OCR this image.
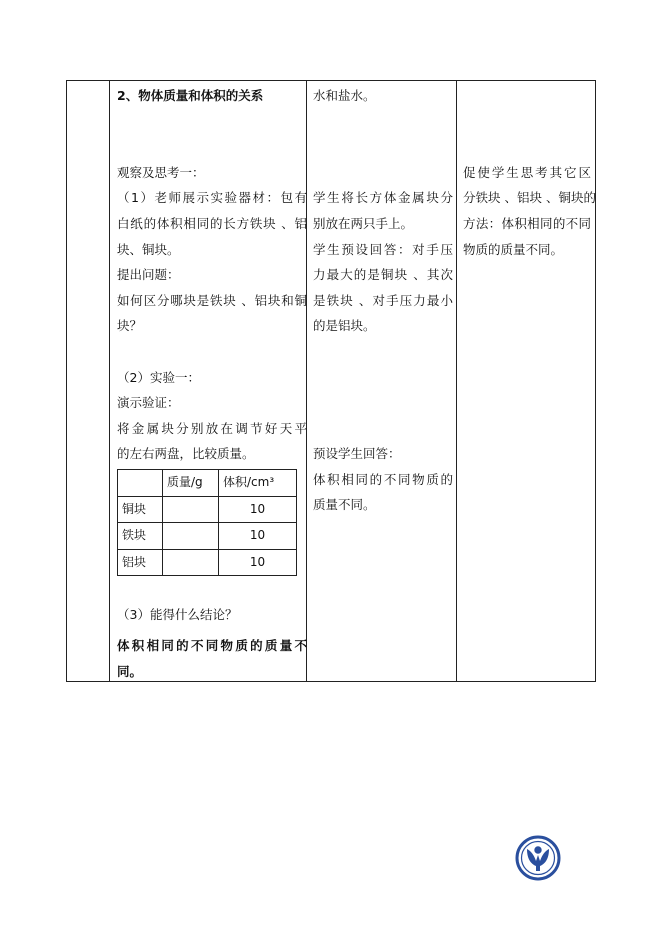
2、物体质量和体积的关系
观察及思考一：
（1）老师展示实验器材：包有
白纸的体积相同的长方铁块 、铝
块、铜块。
提出问题：
如何区分哪块是铁块 、铝块和铜
块？
（2）实验一：
演示验证：
将金属块分别放在调节好天平
的左右两盘，比较质量。
	质量/g	体积/cm³
铜块		10
铁块		10
铝块		10
（3）能得什么结论？
体积相同的不同物质的质量不
同。
水和盐水。
学生将长方体金属块分
别放在两只手上。
学生预设回答：对手压
力最大的是铜块 、其次
是铁块 、对手压力最小
的是铝块。
预设学生回答：
体积相同的不同物质的
质量不同。
促使学生思考其它区
分铁块 、铝块 、铜块的
方法：体积相同的不同
物质的质量不同。
